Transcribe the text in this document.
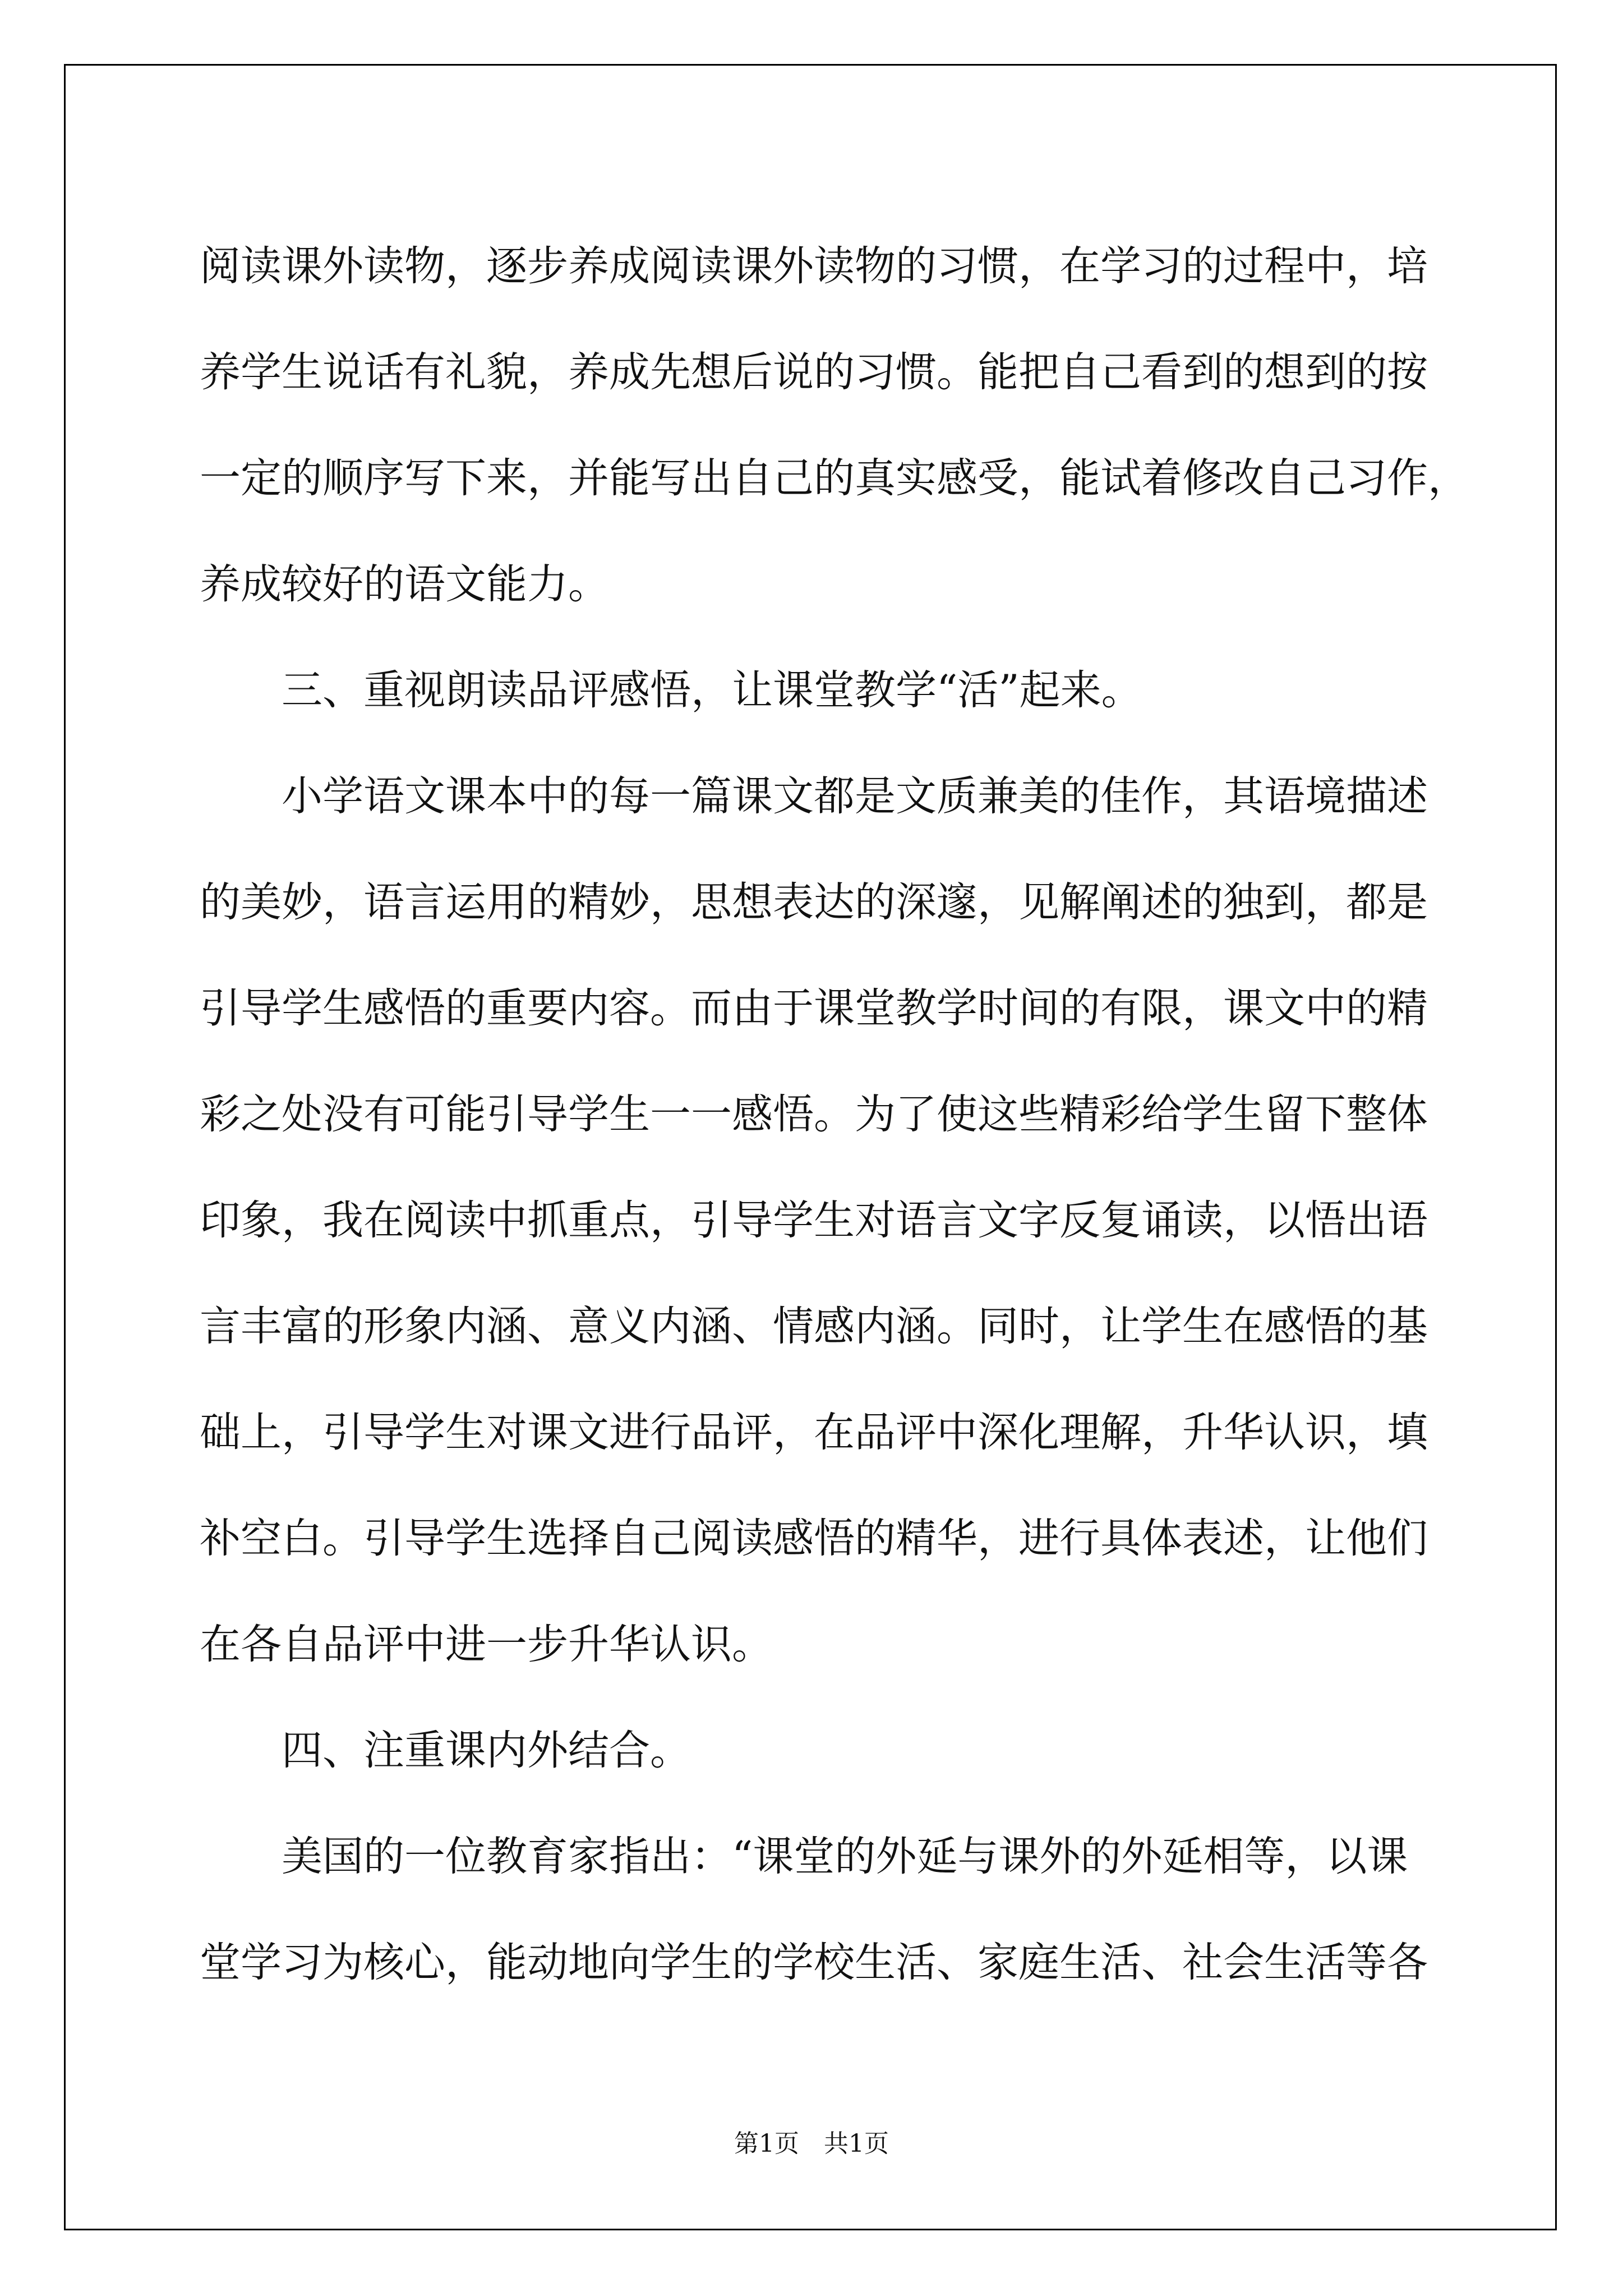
阅读课外读物，逐步养成阅读课外读物的习惯，在学习的过程中，培
养学生说话有礼貌，养成先想后说的习惯。能把自己看到的想到的按
一定的顺序写下来，并能写出自己的真实感受，能试着修改自己习作，
养成较好的语文能力。
三、重视朗读品评感悟，让课堂教学“活”起来。
小学语文课本中的每一篇课文都是文质兼美的佳作，其语境描述
的美妙，语言运用的精妙，思想表达的深邃，见解阐述的独到，都是
引导学生感悟的重要内容。而由于课堂教学时间的有限，课文中的精
彩之处没有可能引导学生一一感悟。为了使这些精彩给学生留下整体
印象，我在阅读中抓重点，引导学生对语言文字反复诵读，以悟出语
言丰富的形象内涵、意义内涵、情感内涵。同时，让学生在感悟的基
础上，引导学生对课文进行品评，在品评中深化理解，升华认识，填
补空白。引导学生选择自己阅读感悟的精华，进行具体表述，让他们
在各自品评中进一步升华认识。
四、注重课内外结合。
美国的一位教育家指出：“课堂的外延与课外的外延相等，以课
堂学习为核心，能动地向学生的学校生活、家庭生活、社会生活等各
第1页　共1页
